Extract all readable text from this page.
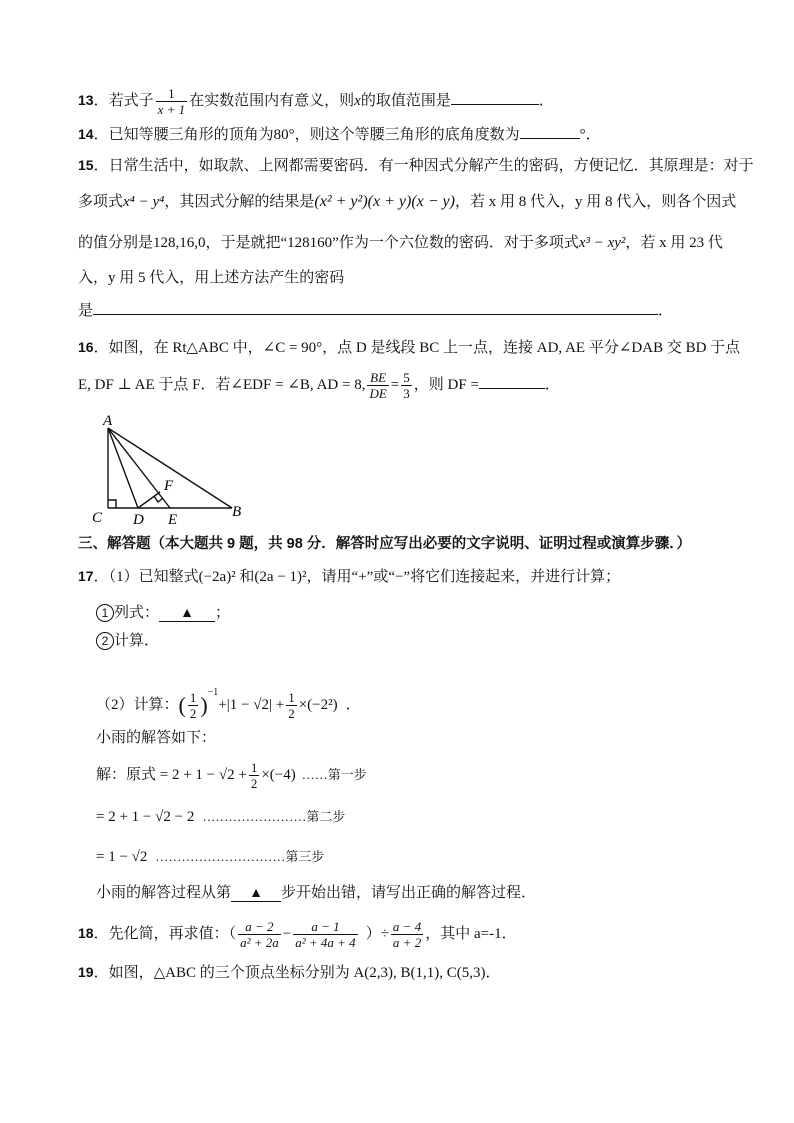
13．若式子 $\frac{1}{x + 1}$ 在实数范围内有意义，则x的取值范围是	．
14．已知等腰三角形的顶角为80°，则这个等腰三角形的底角度数为	°．
15．日常生活中，如取款、上网都需要密码．有一种因式分解产生的密码，方便记忆．其原理是：对于
多项式x⁴ − y⁴，其因式分解的结果是(x² + y²)(x + y)(x − y)，若 x 用 8 代入，y 用 8 代入，则各个因式
的值分别是128,16,0，于是就把“128160”作为一个六位数的密码．对于多项式x³ − xy²，若 x 用 23 代
入，y 用 5 代入，用上述方法产生的密码
是	．
16．如图，在 Rt△ABC 中，∠C = 90°，点 D 是线段 BC 上一点，连接 AD, AE 平分∠DAB 交 BD 于点
E, DF ⊥ AE 于点 F．若∠EDF = ∠B, AD = 8, $\frac{BE}{DE} = \frac{5}{3}$ ，则 DF =	．
A
C D E
F
B
三、解答题（本大题共 9 题，共 98 分．解答时应写出必要的文字说明、证明过程或演算步骤．）
17．（1）已知整式(−2a)² 和(2a − 1)²，请用“+”或“−”将它们连接起来，并进行计算；
1 列式： ▲ ；
2 计算．
（2）计算：( $\frac{1}{2} )^{-1}+|1 - √2| + \frac{1}{2} \times(-2^2)$ ．
小雨的解答如下：
解：原式 = $2 + 1 - √2 + \frac{1}{2} \times(-4)$ ……第一步
= 2 + 1 − √2 − 2 ……………………第二步
= 1 − √2 …………………………第三步
小雨的解答过程从第 ▲ 步开始出错，请写出正确的解答过程．
18．先化简，再求值：（ $\frac{a - 2}{\text{a² + 2a}} - \frac{a - 1}{\text{a² + 4a + 4}}$ ）÷ $\frac{a - 4}{a + 2}$ ，其中 a=-1．
19．如图，△ABC 的三个顶点坐标分别为 A(2,3), B(1,1), C(5,3)．
